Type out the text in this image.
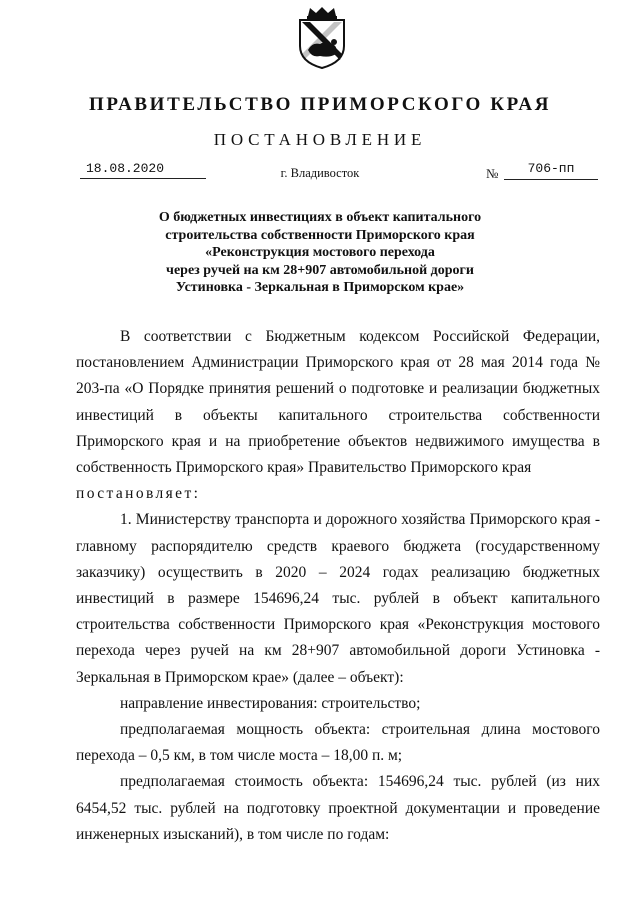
ПРАВИТЕЛЬСТВО ПРИМОРСКОГО КРАЯ
ПОСТАНОВЛЕНИЕ
18.08.2020	г. Владивосток	№	706-пп
О бюджетных инвестициях в объект капитального
строительства собственности Приморского края
«Реконструкция мостового перехода
через ручей на км 28+907 автомобильной дороги
Устиновка - Зеркальная в Приморском крае»

В соответствии с Бюджетным кодексом Российской Федерации, постановлением Администрации Приморского края от 28 мая 2014 года № 203-па «О Порядке принятия решений о подготовке и реализации бюджетных инвестиций в объекты капитального строительства собственности Приморского края и на приобретение объектов недвижимого имущества в собственность Приморского края» Правительство Приморского края

постановляет:

1. Министерству транспорта и дорожного хозяйства Приморского края - главному распорядителю средств краевого бюджета (государственному заказчику) осуществить в 2020 – 2024 годах реализацию бюджетных инвестиций в размере 154696,24 тыс. рублей в объект капитального строительства собственности Приморского края «Реконструкция мостового перехода через ручей на км 28+907 автомобильной дороги Устиновка - Зеркальная в Приморском крае» (далее – объект):

направление инвестирования: строительство;

предполагаемая мощность объекта: строительная длина мостового перехода – 0,5 км, в том числе моста – 18,00 п. м;

предполагаемая стоимость объекта: 154696,24 тыс. рублей (из них 6454,52 тыс. рублей на подготовку проектной документации и проведение инженерных изысканий), в том числе по годам:
